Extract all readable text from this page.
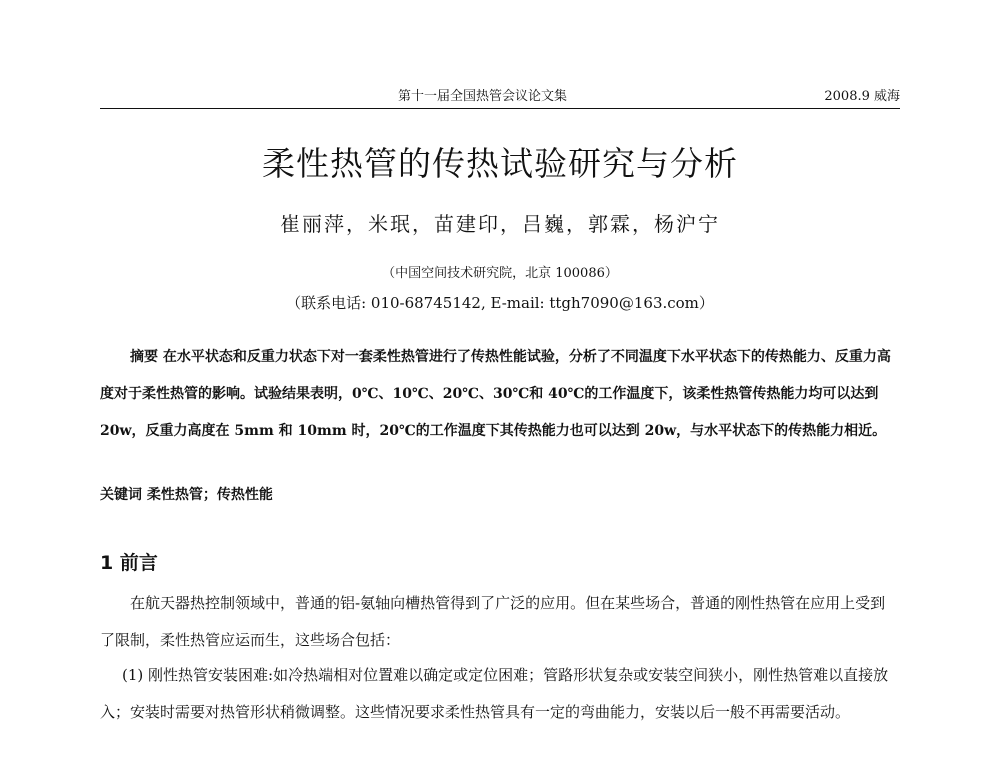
第十一届全国热管会议论文集	2008.9 威海
柔性热管的传热试验研究与分析
崔丽萍，米珉，苗建印，吕巍，郭霖，杨沪宁
（中国空间技术研究院，北京 100086）
（联系电话: 010-68745142, E-mail: ttgh7090@163.com）

摘要 在水平状态和反重力状态下对一套柔性热管进行了传热性能试验，分析了不同温度下水平状态下的传热能力、反重力高度对于柔性热管的影响。试验结果表明，0℃、10℃、20℃、30℃和 40℃的工作温度下，该柔性热管传热能力均可以达到 20w，反重力高度在 5mm 和 10mm 时，20℃的工作温度下其传热能力也可以达到 20w，与水平状态下的传热能力相近。

关键词 柔性热管；传热性能

1 前言

在航天器热控制领域中，普通的铝-氨轴向槽热管得到了广泛的应用。但在某些场合，普通的刚性热管在应用上受到了限制，柔性热管应运而生，这些场合包括：

(1) 刚性热管安装困难:如冷热端相对位置难以确定或定位困难；管路形状复杂或安装空间狭小，刚性热管难以直接放入；安装时需要对热管形状稍微调整。这些情况要求柔性热管具有一定的弯曲能力，安装以后一般不再需要活动。
